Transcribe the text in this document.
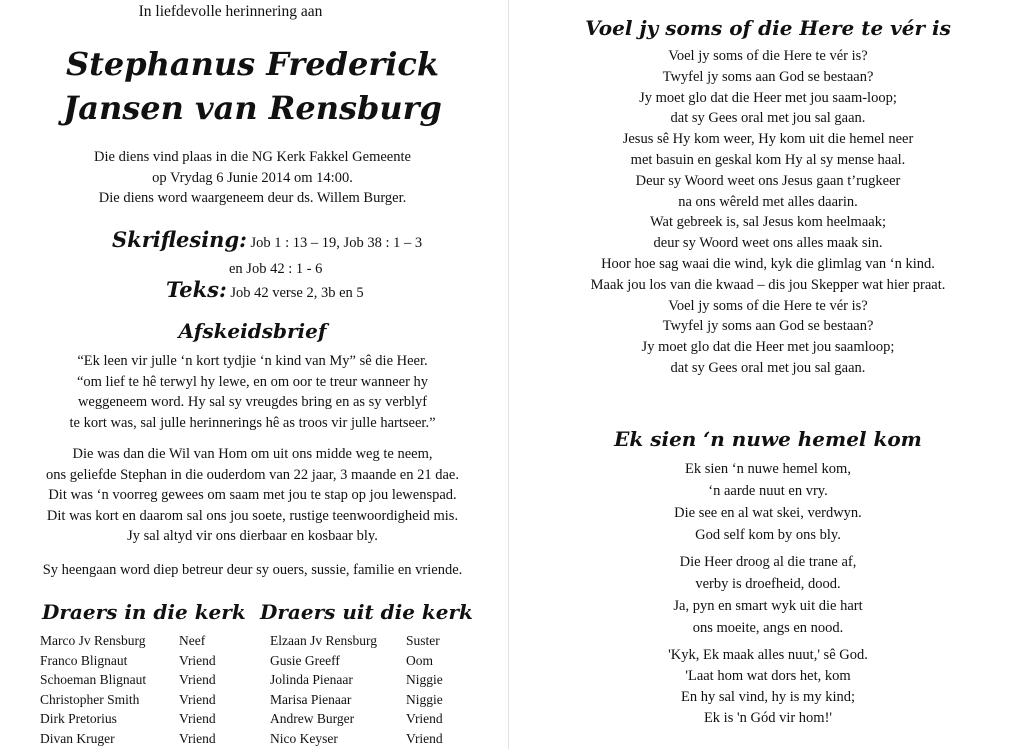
In liefdevolle herinnering aan
Stephanus Frederick
Jansen van Rensburg
Die diens vind plaas in die NG Kerk Fakkel Gemeente
op Vrydag 6 Junie 2014 om 14:00.
Die diens word waargeneem deur ds. Willem Burger.
Skriflesing: Job 1 : 13 – 19, Job 38 : 1 – 3
en Job 42 : 1 - 6
Teks: Job 42 verse 2, 3b en 5
Afskeidsbrief
“Ek leen vir julle ‘n kort tydjie ‘n kind van My” sê die Heer.
“om lief te hê terwyl hy lewe, en om oor te treur wanneer hy
weggeneem word. Hy sal sy vreugdes bring en as sy verblyf
te kort was, sal julle herinnerings hê as troos vir julle hartseer.”
Die was dan die Wil van Hom om uit ons midde weg te neem,
ons geliefde Stephan in die ouderdom van 22 jaar, 3 maande en 21 dae.
Dit was ‘n voorreg gewees om saam met jou te stap op jou lewenspad.
Dit was kort en daarom sal ons jou soete, rustige teenwoordigheid mis.
Jy sal altyd vir ons dierbaar en kosbaar bly.
Sy heengaan word diep betreur deur sy ouers, sussie, familie en vriende.
Draers in die kerk
Marco Jv Rensburg	Neef
Franco Blignaut	Vriend
Schoeman Blignaut	Vriend
Christopher Smith	Vriend
Dirk Pretorius	Vriend
Divan Kruger	Vriend
Draers uit die kerk
Elzaan Jv Rensburg	Suster
Gusie Greeff	Oom
Jolinda Pienaar	Niggie
Marisa Pienaar	Niggie
Andrew Burger	Vriend
Nico Keyser	Vriend
Voel jy soms of die Here te vér is
Voel jy soms of die Here te vér is?
Twyfel jy soms aan God se bestaan?
Jy moet glo dat die Heer met jou saam-loop;
dat sy Gees oral met jou sal gaan.
Jesus sê Hy kom weer, Hy kom uit die hemel neer
met basuin en geskal kom Hy al sy mense haal.
Deur sy Woord weet ons Jesus gaan t’rugkeer
na ons wêreld met alles daarin.
Wat gebreek is, sal Jesus kom heelmaak;
deur sy Woord weet ons alles maak sin.
Hoor hoe sag waai die wind, kyk die glimlag van ‘n kind.
Maak jou los van die kwaad – dis jou Skepper wat hier praat.
Voel jy soms of die Here te vér is?
Twyfel jy soms aan God se bestaan?
Jy moet glo dat die Heer met jou saamloop;
dat sy Gees oral met jou sal gaan.
Ek sien ‘n nuwe hemel kom
Ek sien ‘n nuwe hemel kom,
‘n aarde nuut en vry.
Die see en al wat skei, verdwyn.
God self kom by ons bly.
Die Heer droog al die trane af,
verby is droefheid, dood.
Ja, pyn en smart wyk uit die hart
ons moeite, angs en nood.
'Kyk, Ek maak alles nuut,' sê God.
'Laat hom wat dors het, kom
En hy sal vind, hy is my kind;
Ek is 'n Gód vir hom!'
